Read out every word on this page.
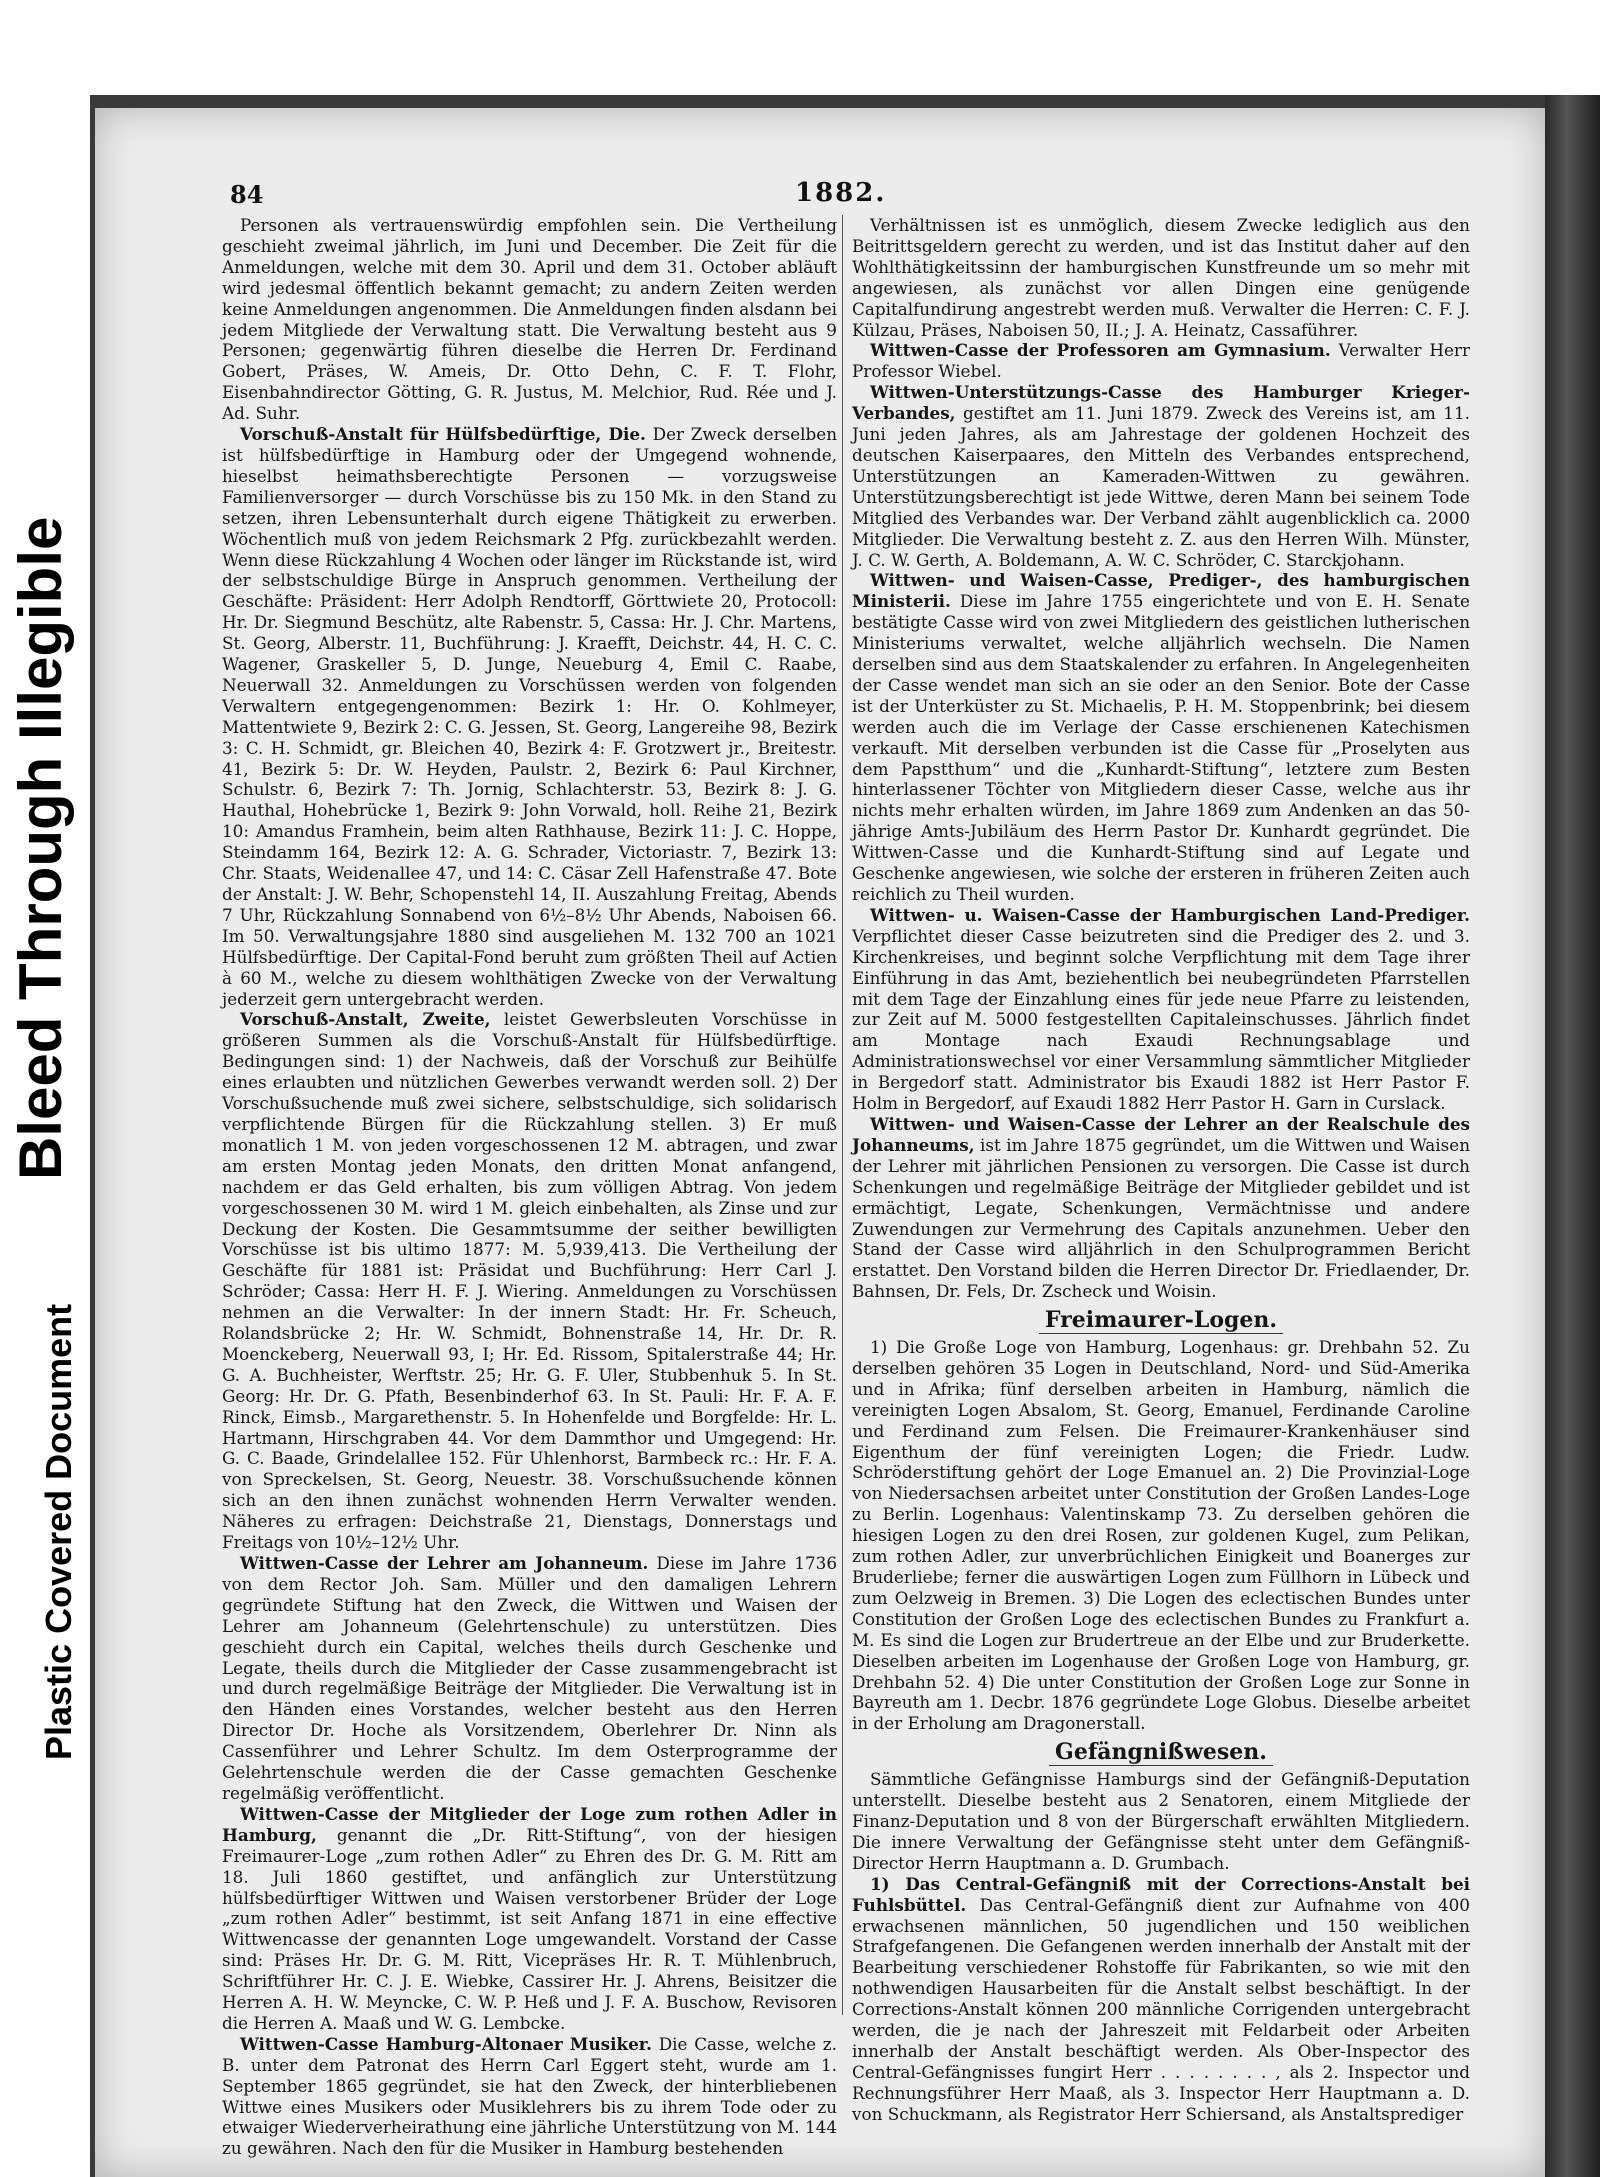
Bleed Through Illegible
Plastic Covered Document
84	1882.

Personen als vertrauenswürdig empfohlen sein. Die Vertheilung geschieht zweimal jährlich, im Juni und December. Die Zeit für die Anmeldungen, welche mit dem 30. April und dem 31. October abläuft wird jedesmal öffentlich bekannt gemacht; zu andern Zeiten werden keine Anmeldungen angenommen. Die Anmeldungen finden alsdann bei jedem Mitgliede der Verwaltung statt. Die Verwaltung besteht aus 9 Personen; gegenwärtig führen dieselbe die Herren Dr. Ferdinand Gobert, Präses, W. Ameis, Dr. Otto Dehn, C. F. T. Flohr, Eisenbahndirector Götting, G. R. Justus, M. Melchior, Rud. Rée und J. Ad. Suhr.

Vorschuß-Anstalt für Hülfsbedürftige, Die. Der Zweck derselben ist hülfsbedürftige in Hamburg oder der Umgegend wohnende, hieselbst heimathsberechtigte Personen — vorzugsweise Familienversorger — durch Vorschüsse bis zu 150 Mk. in den Stand zu setzen, ihren Lebensunterhalt durch eigene Thätigkeit zu erwerben. Wöchentlich muß von jedem Reichsmark 2 Pfg. zurückbezahlt werden. Wenn diese Rückzahlung 4 Wochen oder länger im Rückstande ist, wird der selbstschuldige Bürge in Anspruch genommen. Vertheilung der Geschäfte: Präsident: Herr Adolph Rendtorff, Görttwiete 20, Protocoll: Hr. Dr. Siegmund Beschütz, alte Rabenstr. 5, Cassa: Hr. J. Chr. Martens, St. Georg, Alberstr. 11, Buchführung: J. Kraefft, Deichstr. 44, H. C. C. Wagener, Graskeller 5, D. Junge, Neueburg 4, Emil C. Raabe, Neuerwall 32. Anmeldungen zu Vorschüssen werden von folgenden Verwaltern entgegengenommen: Bezirk 1: Hr. O. Kohlmeyer, Mattentwiete 9, Bezirk 2: C. G. Jessen, St. Georg, Langereihe 98, Bezirk 3: C. H. Schmidt, gr. Bleichen 40, Bezirk 4: F. Grotzwert jr., Breitestr. 41, Bezirk 5: Dr. W. Heyden, Paulstr. 2, Bezirk 6: Paul Kirchner, Schulstr. 6, Bezirk 7: Th. Jornig, Schlachterstr. 53, Bezirk 8: J. G. Hauthal, Hohebrücke 1, Bezirk 9: John Vorwald, holl. Reihe 21, Bezirk 10: Amandus Framhein, beim alten Rathhause, Bezirk 11: J. C. Hoppe, Steindamm 164, Bezirk 12: A. G. Schrader, Victoriastr. 7, Bezirk 13: Chr. Staats, Weidenallee 47, und 14: C. Cäsar Zell Hafenstraße 47. Bote der Anstalt: J. W. Behr, Schopenstehl 14, II. Auszahlung Freitag, Abends 7 Uhr, Rückzahlung Sonnabend von 6½–8½ Uhr Abends, Naboisen 66. Im 50. Verwaltungsjahre 1880 sind ausgeliehen M. 132 700 an 1021 Hülfsbedürftige. Der Capital-Fond beruht zum größten Theil auf Actien à 60 M., welche zu diesem wohlthätigen Zwecke von der Verwaltung jederzeit gern untergebracht werden.

Vorschuß-Anstalt, Zweite, leistet Gewerbsleuten Vorschüsse in größeren Summen als die Vorschuß-Anstalt für Hülfsbedürftige. Bedingungen sind: 1) der Nachweis, daß der Vorschuß zur Beihülfe eines erlaubten und nützlichen Gewerbes verwandt werden soll. 2) Der Vorschußsuchende muß zwei sichere, selbstschuldige, sich solidarisch verpflichtende Bürgen für die Rückzahlung stellen. 3) Er muß monatlich 1 M. von jeden vorgeschossenen 12 M. abtragen, und zwar am ersten Montag jeden Monats, den dritten Monat anfangend, nachdem er das Geld erhalten, bis zum völligen Abtrag. Von jedem vorgeschossenen 30 M. wird 1 M. gleich einbehalten, als Zinse und zur Deckung der Kosten. Die Gesammtsumme der seither bewilligten Vorschüsse ist bis ultimo 1877: M. 5,939,413. Die Vertheilung der Geschäfte für 1881 ist: Präsidat und Buchführung: Herr Carl J. Schröder; Cassa: Herr H. F. J. Wiering. Anmeldungen zu Vorschüssen nehmen an die Verwalter: In der innern Stadt: Hr. Fr. Scheuch, Rolandsbrücke 2; Hr. W. Schmidt, Bohnenstraße 14, Hr. Dr. R. Moenckeberg, Neuerwall 93, I; Hr. Ed. Rissom, Spitalerstraße 44; Hr. G. A. Buchheister, Werftstr. 25; Hr. G. F. Uler, Stubbenhuk 5. In St. Georg: Hr. Dr. G. Pfath, Besenbinderhof 63. In St. Pauli: Hr. F. A. F. Rinck, Eimsb., Margarethenstr. 5. In Hohenfelde und Borgfelde: Hr. L. Hartmann, Hirschgraben 44. Vor dem Dammthor und Umgegend: Hr. G. C. Baade, Grindelallee 152. Für Uhlenhorst, Barmbeck rc.: Hr. F. A. von Spreckelsen, St. Georg, Neuestr. 38. Vorschußsuchende können sich an den ihnen zunächst wohnenden Herrn Verwalter wenden. Näheres zu erfragen: Deichstraße 21, Dienstags, Donnerstags und Freitags von 10½–12½ Uhr.

Wittwen-Casse der Lehrer am Johanneum. Diese im Jahre 1736 von dem Rector Joh. Sam. Müller und den damaligen Lehrern gegründete Stiftung hat den Zweck, die Wittwen und Waisen der Lehrer am Johanneum (Gelehrtenschule) zu unterstützen. Dies geschieht durch ein Capital, welches theils durch Geschenke und Legate, theils durch die Mitglieder der Casse zusammengebracht ist und durch regelmäßige Beiträge der Mitglieder. Die Verwaltung ist in den Händen eines Vorstandes, welcher besteht aus den Herren Director Dr. Hoche als Vorsitzendem, Oberlehrer Dr. Ninn als Cassenführer und Lehrer Schultz. Im dem Osterprogramme der Gelehrtenschule werden die der Casse gemachten Geschenke regelmäßig veröffentlicht.

Wittwen-Casse der Mitglieder der Loge zum rothen Adler in Hamburg, genannt die „Dr. Ritt-Stiftung“, von der hiesigen Freimaurer-Loge „zum rothen Adler“ zu Ehren des Dr. G. M. Ritt am 18. Juli 1860 gestiftet, und anfänglich zur Unterstützung hülfsbedürftiger Wittwen und Waisen verstorbener Brüder der Loge „zum rothen Adler“ bestimmt, ist seit Anfang 1871 in eine effective Wittwencasse der genannten Loge umgewandelt. Vorstand der Casse sind: Präses Hr. Dr. G. M. Ritt, Vicepräses Hr. R. T. Mühlenbruch, Schriftführer Hr. C. J. E. Wiebke, Cassirer Hr. J. Ahrens, Beisitzer die Herren A. H. W. Meyncke, C. W. P. Heß und J. F. A. Buschow, Revisoren die Herren A. Maaß und W. G. Lembcke.

Wittwen-Casse Hamburg-Altonaer Musiker. Die Casse, welche z. B. unter dem Patronat des Herrn Carl Eggert steht, wurde am 1. September 1865 gegründet, sie hat den Zweck, der hinterbliebenen Wittwe eines Musikers oder Musiklehrers bis zu ihrem Tode oder zu etwaiger Wiederverheirathung eine jährliche Unterstützung von M. 144 zu gewähren. Nach den für die Musiker in Hamburg bestehenden

Verhältnissen ist es unmöglich, diesem Zwecke lediglich aus den Beitrittsgeldern gerecht zu werden, und ist das Institut daher auf den Wohlthätigkeitssinn der hamburgischen Kunstfreunde um so mehr mit angewiesen, als zunächst vor allen Dingen eine genügende Capitalfundirung angestrebt werden muß. Verwalter die Herren: C. F. J. Külzau, Präses, Naboisen 50, II.; J. A. Heinatz, Cassaführer.

Wittwen-Casse der Professoren am Gymnasium. Verwalter Herr Professor Wiebel.

Wittwen-Unterstützungs-Casse des Hamburger Krieger-Verbandes, gestiftet am 11. Juni 1879. Zweck des Vereins ist, am 11. Juni jeden Jahres, als am Jahrestage der goldenen Hochzeit des deutschen Kaiserpaares, den Mitteln des Verbandes entsprechend, Unterstützungen an Kameraden-Wittwen zu gewähren. Unterstützungsberechtigt ist jede Wittwe, deren Mann bei seinem Tode Mitglied des Verbandes war. Der Verband zählt augenblicklich ca. 2000 Mitglieder. Die Verwaltung besteht z. Z. aus den Herren Wilh. Münster, J. C. W. Gerth, A. Boldemann, A. W. C. Schröder, C. Starckjohann.

Wittwen- und Waisen-Casse, Prediger-, des hamburgischen Ministerii. Diese im Jahre 1755 eingerichtete und von E. H. Senate bestätigte Casse wird von zwei Mitgliedern des geistlichen lutherischen Ministeriums verwaltet, welche alljährlich wechseln. Die Namen derselben sind aus dem Staatskalender zu erfahren. In Angelegenheiten der Casse wendet man sich an sie oder an den Senior. Bote der Casse ist der Unterküster zu St. Michaelis, P. H. M. Stoppenbrink; bei diesem werden auch die im Verlage der Casse erschienenen Katechismen verkauft. Mit derselben verbunden ist die Casse für „Proselyten aus dem Papstthum“ und die „Kunhardt-Stiftung“, letztere zum Besten hinterlassener Töchter von Mitgliedern dieser Casse, welche aus ihr nichts mehr erhalten würden, im Jahre 1869 zum Andenken an das 50-jährige Amts-Jubiläum des Herrn Pastor Dr. Kunhardt gegründet. Die Wittwen-Casse und die Kunhardt-Stiftung sind auf Legate und Geschenke angewiesen, wie solche der ersteren in früheren Zeiten auch reichlich zu Theil wurden.

Wittwen- u. Waisen-Casse der Hamburgischen Land-Prediger. Verpflichtet dieser Casse beizutreten sind die Prediger des 2. und 3. Kirchenkreises, und beginnt solche Verpflichtung mit dem Tage ihrer Einführung in das Amt, beziehentlich bei neubegründeten Pfarrstellen mit dem Tage der Einzahlung eines für jede neue Pfarre zu leistenden, zur Zeit auf M. 5000 festgestellten Capitaleinschusses. Jährlich findet am Montage nach Exaudi Rechnungsablage und Administrationswechsel vor einer Versammlung sämmtlicher Mitglieder in Bergedorf statt. Administrator bis Exaudi 1882 ist Herr Pastor F. Holm in Bergedorf, auf Exaudi 1882 Herr Pastor H. Garn in Curslack.

Wittwen- und Waisen-Casse der Lehrer an der Realschule des Johanneums, ist im Jahre 1875 gegründet, um die Wittwen und Waisen der Lehrer mit jährlichen Pensionen zu versorgen. Die Casse ist durch Schenkungen und regelmäßige Beiträge der Mitglieder gebildet und ist ermächtigt, Legate, Schenkungen, Vermächtnisse und andere Zuwendungen zur Vermehrung des Capitals anzunehmen. Ueber den Stand der Casse wird alljährlich in den Schulprogrammen Bericht erstattet. Den Vorstand bilden die Herren Director Dr. Friedlaender, Dr. Bahnsen, Dr. Fels, Dr. Zscheck und Woisin.

Freimaurer-Logen.

1) Die Große Loge von Hamburg, Logenhaus: gr. Drehbahn 52. Zu derselben gehören 35 Logen in Deutschland, Nord- und Süd-Amerika und in Afrika; fünf derselben arbeiten in Hamburg, nämlich die vereinigten Logen Absalom, St. Georg, Emanuel, Ferdinande Caroline und Ferdinand zum Felsen. Die Freimaurer-Krankenhäuser sind Eigenthum der fünf vereinigten Logen; die Friedr. Ludw. Schröderstiftung gehört der Loge Emanuel an. 2) Die Provinzial-Loge von Niedersachsen arbeitet unter Constitution der Großen Landes-Loge zu Berlin. Logenhaus: Valentinskamp 73. Zu derselben gehören die hiesigen Logen zu den drei Rosen, zur goldenen Kugel, zum Pelikan, zum rothen Adler, zur unverbrüchlichen Einigkeit und Boanerges zur Bruderliebe; ferner die auswärtigen Logen zum Füllhorn in Lübeck und zum Oelzweig in Bremen. 3) Die Logen des eclectischen Bundes unter Constitution der Großen Loge des eclectischen Bundes zu Frankfurt a. M. Es sind die Logen zur Brudertreue an der Elbe und zur Bruderkette. Dieselben arbeiten im Logenhause der Großen Loge von Hamburg, gr. Drehbahn 52. 4) Die unter Constitution der Großen Loge zur Sonne in Bayreuth am 1. Decbr. 1876 gegründete Loge Globus. Dieselbe arbeitet in der Erholung am Dragonerstall.

Gefängnißwesen.

Sämmtliche Gefängnisse Hamburgs sind der Gefängniß-Deputation unterstellt. Dieselbe besteht aus 2 Senatoren, einem Mitgliede der Finanz-Deputation und 8 von der Bürgerschaft erwählten Mitgliedern. Die innere Verwaltung der Gefängnisse steht unter dem Gefängniß-Director Herrn Hauptmann a. D. Grumbach.

1) Das Central-Gefängniß mit der Corrections-Anstalt bei Fuhlsbüttel. Das Central-Gefängniß dient zur Aufnahme von 400 erwachsenen männlichen, 50 jugendlichen und 150 weiblichen Strafgefangenen. Die Gefangenen werden innerhalb der Anstalt mit der Bearbeitung verschiedener Rohstoffe für Fabrikanten, so wie mit den nothwendigen Hausarbeiten für die Anstalt selbst beschäftigt. In der Corrections-Anstalt können 200 männliche Corrigenden untergebracht werden, die je nach der Jahreszeit mit Feldarbeit oder Arbeiten innerhalb der Anstalt beschäftigt werden. Als Ober-Inspector des Central-Gefängnisses fungirt Herr . . . . . . . . , als 2. Inspector und Rechnungsführer Herr Maaß, als 3. Inspector Herr Hauptmann a. D. von Schuckmann, als Registrator Herr Schiersand, als Anstaltsprediger
